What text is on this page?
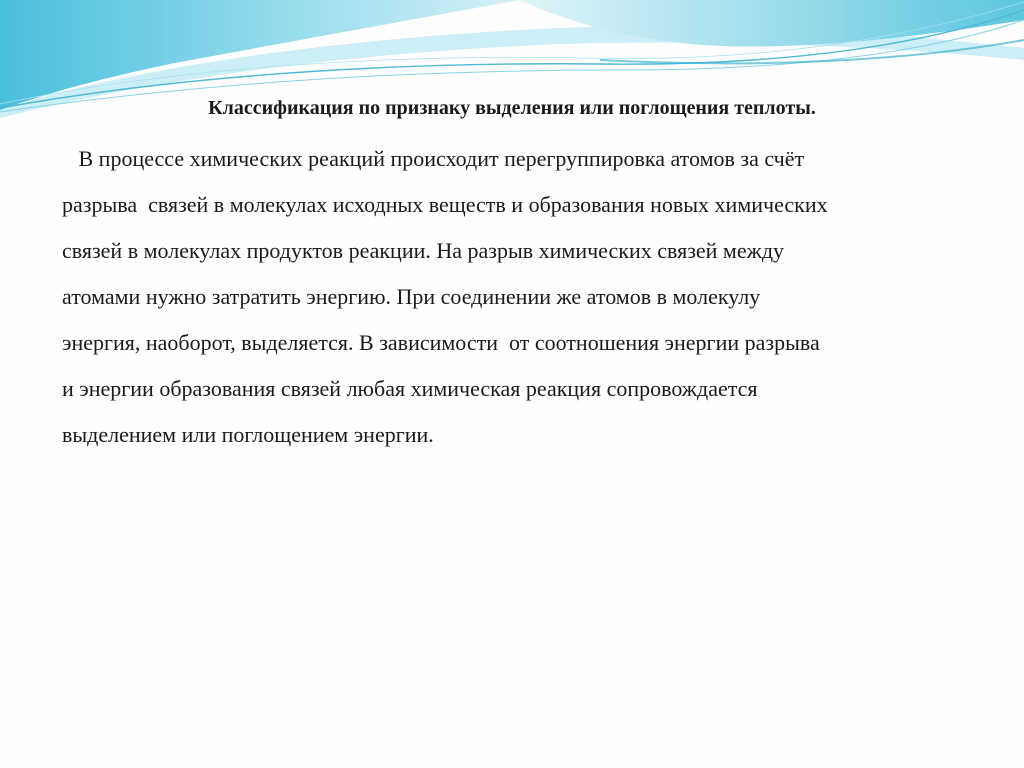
Классификация по признаку выделения или поглощения теплоты.

В процессе химических реакций происходит перегруппировка атомов за счёт
разрыва  связей в молекулах исходных веществ и образования новых химических
связей в молекулах продуктов реакции. На разрыв химических связей между
атомами нужно затратить энергию. При соединении же атомов в молекулу
энергия, наоборот, выделяется. В зависимости  от соотношения энергии разрыва
и энергии образования связей любая химическая реакция сопровождается
выделением или поглощением энергии.
